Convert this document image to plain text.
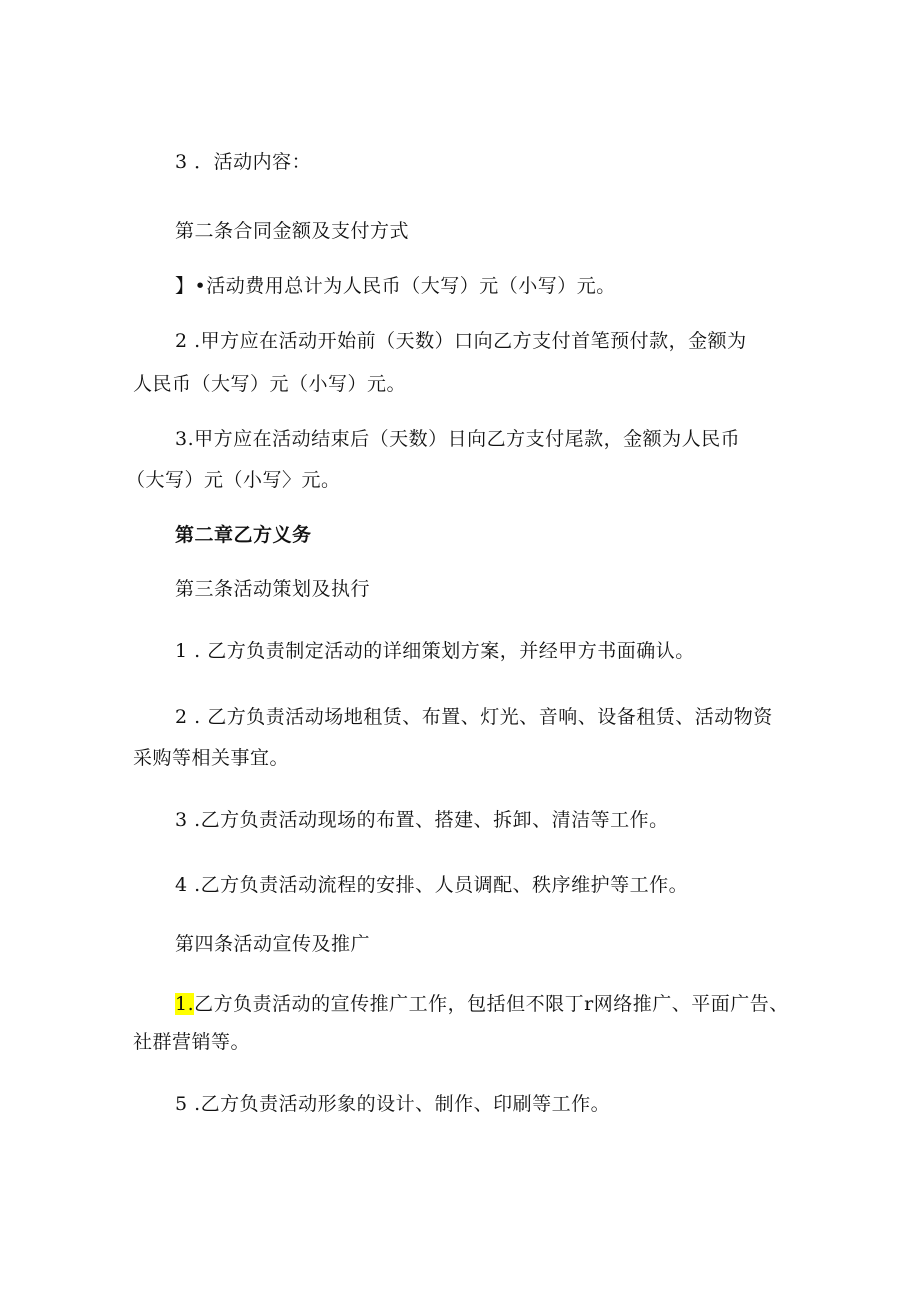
3 ．活动内容：
第二条合同金额及支付方式
】•活动费用总计为人民币（大写）元（小写）元。
2 .甲方应在活动开始前（天数）口向乙方支付首笔预付款，金额为
人民币（大写）元（小写）元。
3.甲方应在活动结束后（天数）日向乙方支付尾款，金额为人民币
（大写）元（小写〉元。
第二章乙方义务
第三条活动策划及执行
1 . 乙方负责制定活动的详细策划方案，并经甲方书面确认。
2 . 乙方负责活动场地租赁、布置、灯光、音响、设备租赁、活动物资
采购等相关事宜。
3 .乙方负责活动现场的布置、搭建、拆卸、清洁等工作。
4 .乙方负责活动流程的安排、人员调配、秩序维护等工作。
第四条活动宣传及推广
1.乙方负责活动的宣传推广工作，包括但不限丁r网络推广、平面广告、
社群营销等。
5 .乙方负责活动形象的设计、制作、印刷等工作。
